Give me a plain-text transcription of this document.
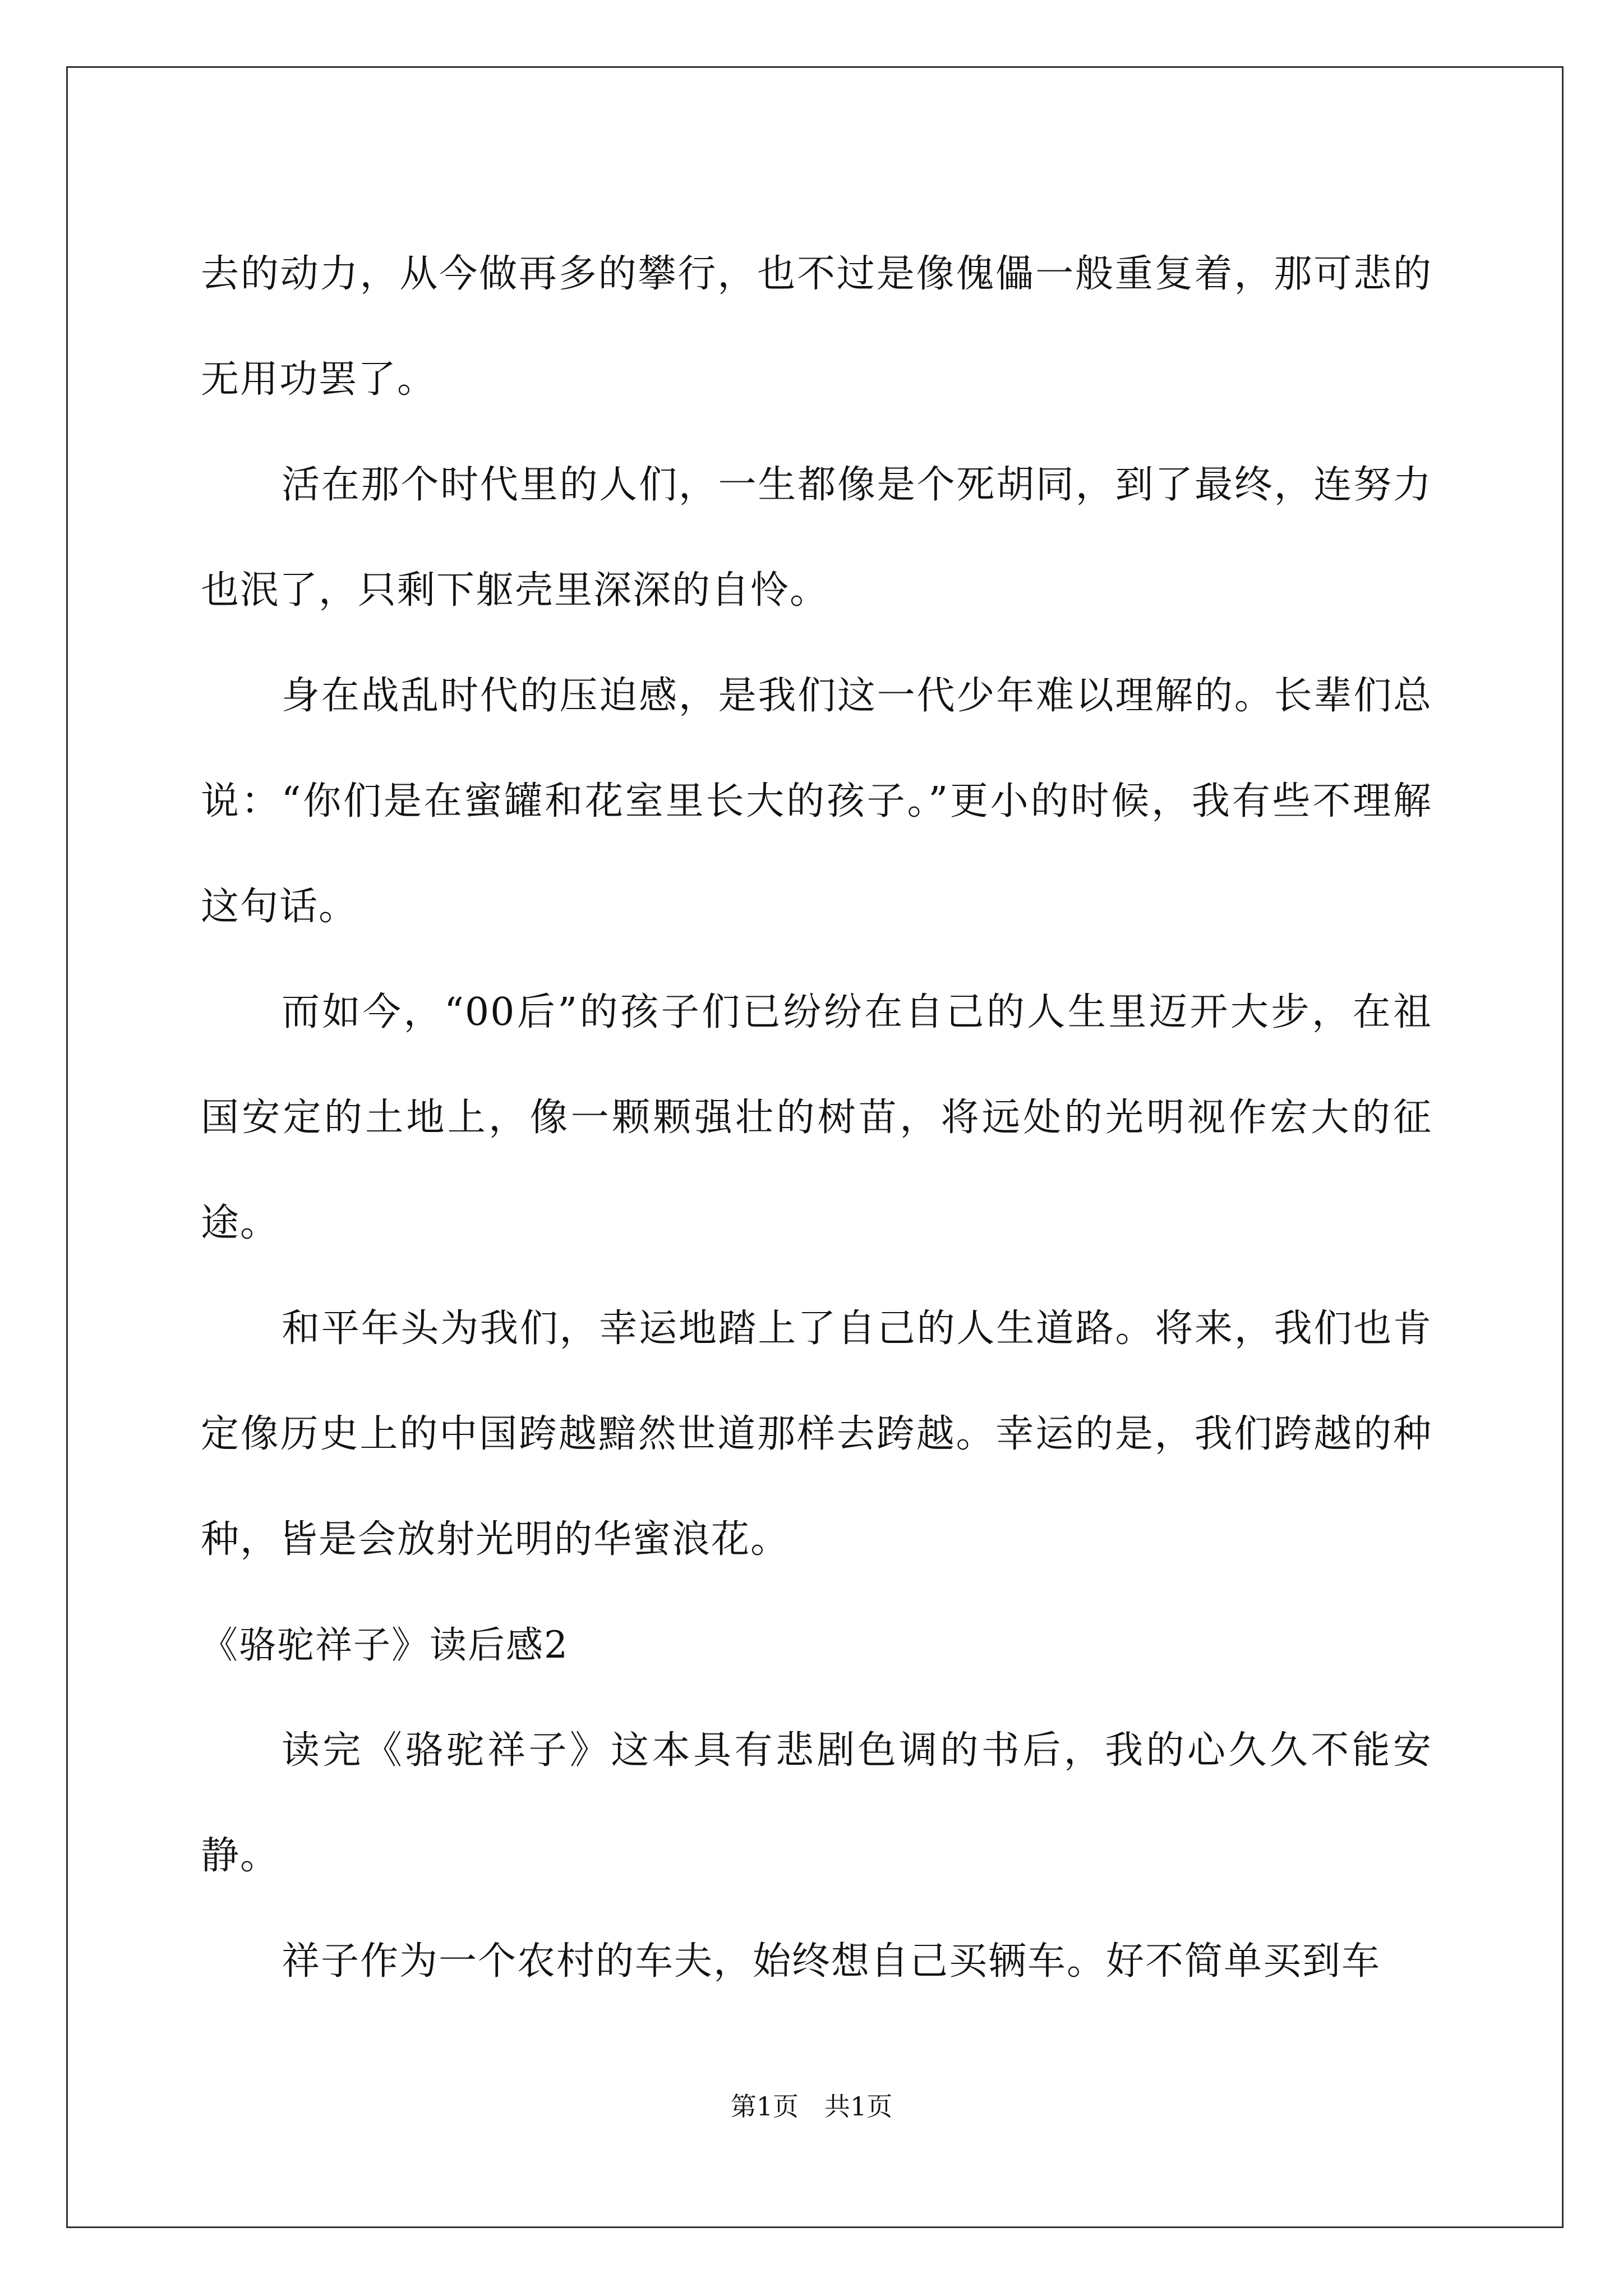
去的动力，从今做再多的攀行，也不过是像傀儡一般重复着，那可悲的无用功罢了。

活在那个时代里的人们，一生都像是个死胡同，到了最终，连努力也泯了，只剩下躯壳里深深的自怜。

身在战乱时代的压迫感，是我们这一代少年难以理解的。长辈们总说：“你们是在蜜罐和花室里长大的孩子。”更小的时候，我有些不理解这句话。

而如今，“00后”的孩子们已纷纷在自己的人生里迈开大步，在祖国安定的土地上，像一颗颗强壮的树苗，将远处的光明视作宏大的征途。

和平年头为我们，幸运地踏上了自己的人生道路。将来，我们也肯定像历史上的中国跨越黯然世道那样去跨越。幸运的是，我们跨越的种种，皆是会放射光明的华蜜浪花。

《骆驼祥子》读后感2

读完《骆驼祥子》这本具有悲剧色调的书后，我的心久久不能安静。

祥子作为一个农村的车夫，始终想自己买辆车。好不简单买到车

第1页 共1页
